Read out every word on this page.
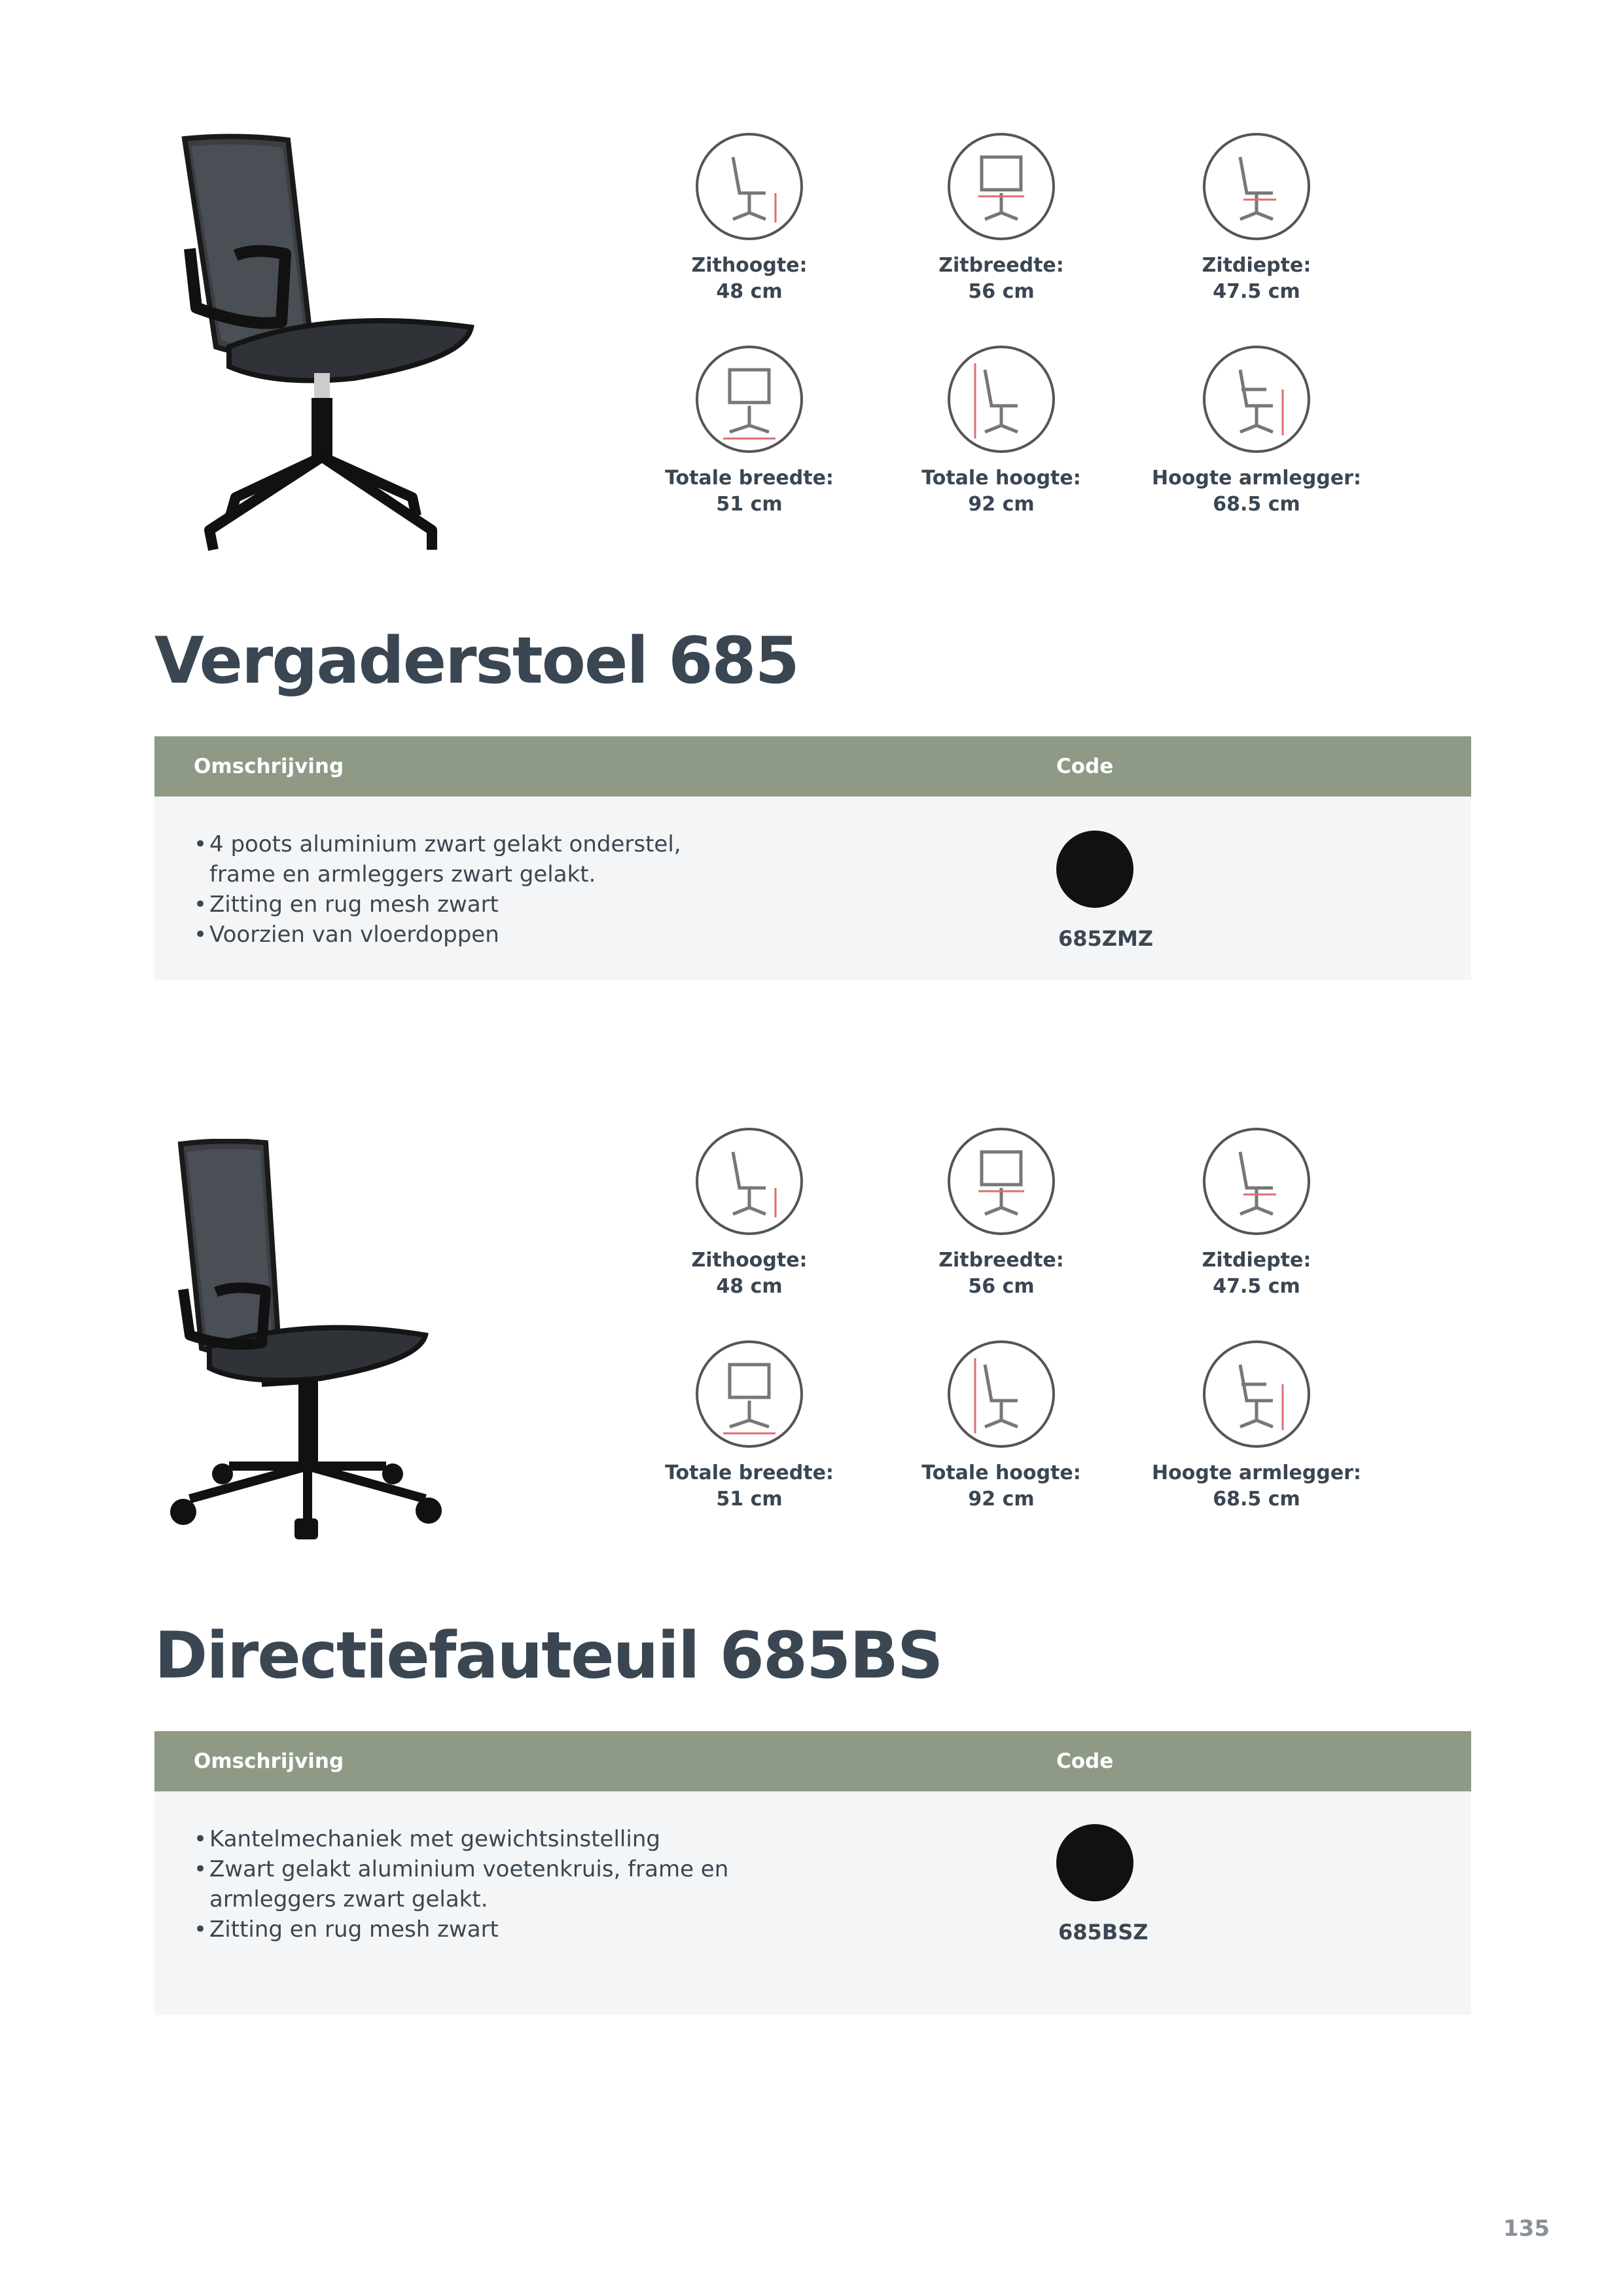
Zithoogte:
48 cm
Zitbreedte:
56 cm
Zitdiepte:
47.5 cm
Totale breedte:
51 cm
Totale hoogte:
92 cm
Hoogte armlegger:
68.5 cm
Vergaderstoel 685
Omschrijving	Code
• 4 poots aluminium zwart gelakt onderstel,
frame en armleggers zwart gelakt.
• Zitting en rug mesh zwart
• Voorzien van vloerdoppen	685ZMZ
Zithoogte:
48 cm
Zitbreedte:
56 cm
Zitdiepte:
47.5 cm
Totale breedte:
51 cm
Totale hoogte:
92 cm
Hoogte armlegger:
68.5 cm
Directiefauteuil 685BS
Omschrijving	Code
• Kantelmechaniek met gewichtsinstelling
• Zwart gelakt aluminium voetenkruis, frame en
armleggers zwart gelakt.
• Zitting en rug mesh zwart	685BSZ
135
